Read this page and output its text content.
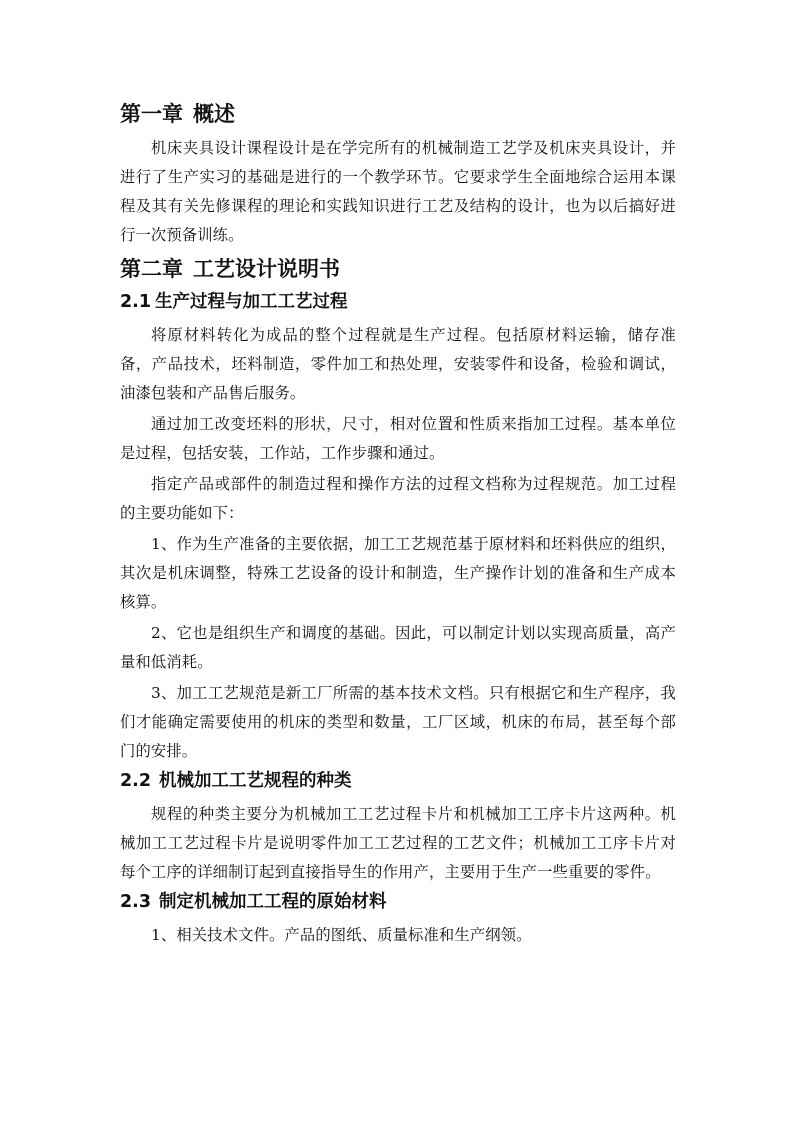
第一章 概述

机床夹具设计课程设计是在学完所有的机械制造工艺学及机床夹具设计，并进行了生产实习的基础是进行的一个教学环节。它要求学生全面地综合运用本课程及其有关先修课程的理论和实践知识进行工艺及结构的设计，也为以后搞好进行一次预备训练。

第二章 工艺设计说明书
2.1 生产过程与加工工艺过程

将原材料转化为成品的整个过程就是生产过程。包括原材料运输，储存准备，产品技术，坯料制造，零件加工和热处理，安装零件和设备，检验和调试，油漆包装和产品售后服务。

通过加工改变坯料的形状，尺寸，相对位置和性质来指加工过程。基本单位是过程，包括安装，工作站，工作步骤和通过。

指定产品或部件的制造过程和操作方法的过程文档称为过程规范。加工过程的主要功能如下：

1、作为生产准备的主要依据，加工工艺规范基于原材料和坯料供应的组织，其次是机床调整，特殊工艺设备的设计和制造，生产操作计划的准备和生产成本核算。

2、它也是组织生产和调度的基础。因此，可以制定计划以实现高质量，高产量和低消耗。

3、加工工艺规范是新工厂所需的基本技术文档。只有根据它和生产程序，我们才能确定需要使用的机床的类型和数量，工厂区域，机床的布局，甚至每个部门的安排。

2.2 机械加工工艺规程的种类

规程的种类主要分为机械加工工艺过程卡片和机械加工工序卡片这两种。机械加工工艺过程卡片是说明零件加工工艺过程的工艺文件；机械加工工序卡片对每个工序的详细制订起到直接指导生的作用产，主要用于生产一些重要的零件。

2.3 制定机械加工工程的原始材料

1、相关技术文件。产品的图纸、质量标准和生产纲领。
